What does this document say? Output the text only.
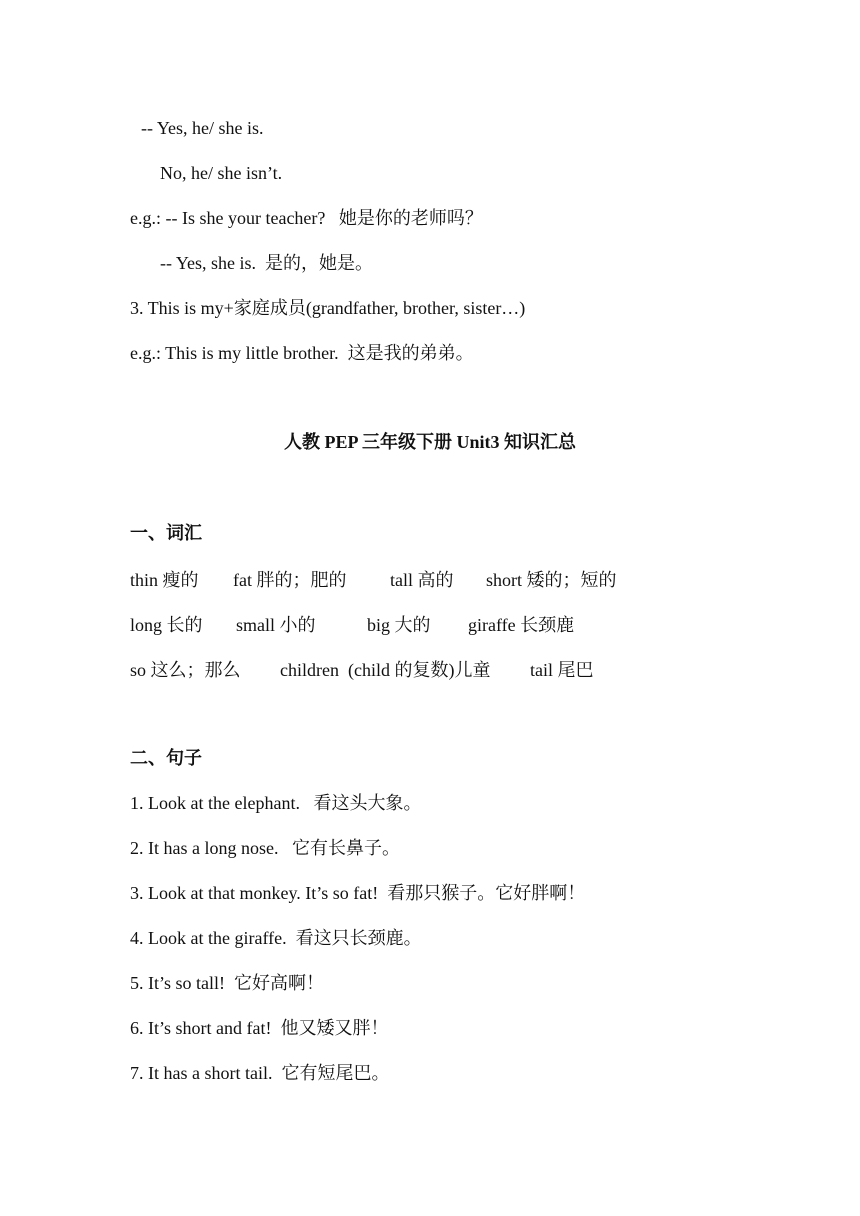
-- Yes, he/ she is.
No, he/ she isn’t.
e.g.: -- Is she your teacher?   她是你的老师吗？
-- Yes, she is.  是的，她是。
3. This is my+家庭成员(grandfather, brother, sister…)
e.g.: This is my little brother.  这是我的弟弟。
人教 PEP 三年级下册 Unit3 知识汇总
一、词汇
thin 瘦的 fat 胖的；肥的 tall 高的 short 矮的；短的
long 长的 small 小的	big 大的 giraffe 长颈鹿
so 这么；那么 children  (child 的复数)儿童 tail 尾巴
二、句子
1. Look at the elephant.   看这头大象。
2. It has a long nose.   它有长鼻子。
3. Look at that monkey. It’s so fat!  看那只猴子。它好胖啊！
4. Look at the giraffe.  看这只长颈鹿。
5. It’s so tall!  它好高啊！
6. It’s short and fat!  他又矮又胖！
7. It has a short tail.  它有短尾巴。
